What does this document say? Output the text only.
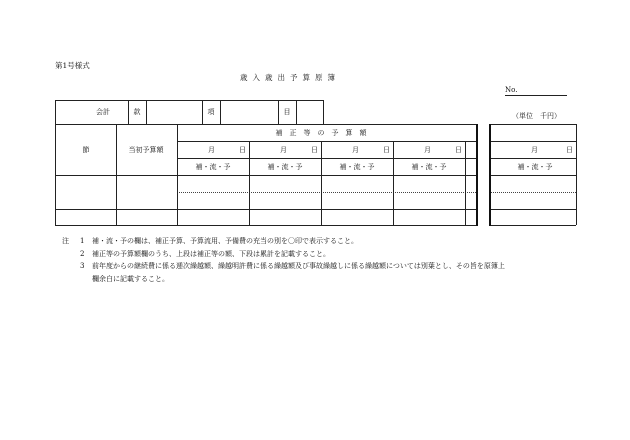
第1号様式
歳入歳出予算原簿
No.
（単位　千円）
会計	款	項	目
節	当初予算額
補　正　等　の　予　算　額
月	日	月	日	月	日	月	日	月	日
補・流・予	補・流・予	補・流・予	補・流・予	補・流・予
注	1	補・流・予の欄は、補正予算、予算流用、予備費の充当の別を〇印で表示すること。
2	補正等の予算額欄のうち、上段は補正等の額、下段は累計を記載すること。
3	前年度からの継続費に係る逓次繰越額、繰越明許費に係る繰越額及び事故繰越しに係る繰越額については別葉とし、その旨を原簿上
欄余白に記載すること。
